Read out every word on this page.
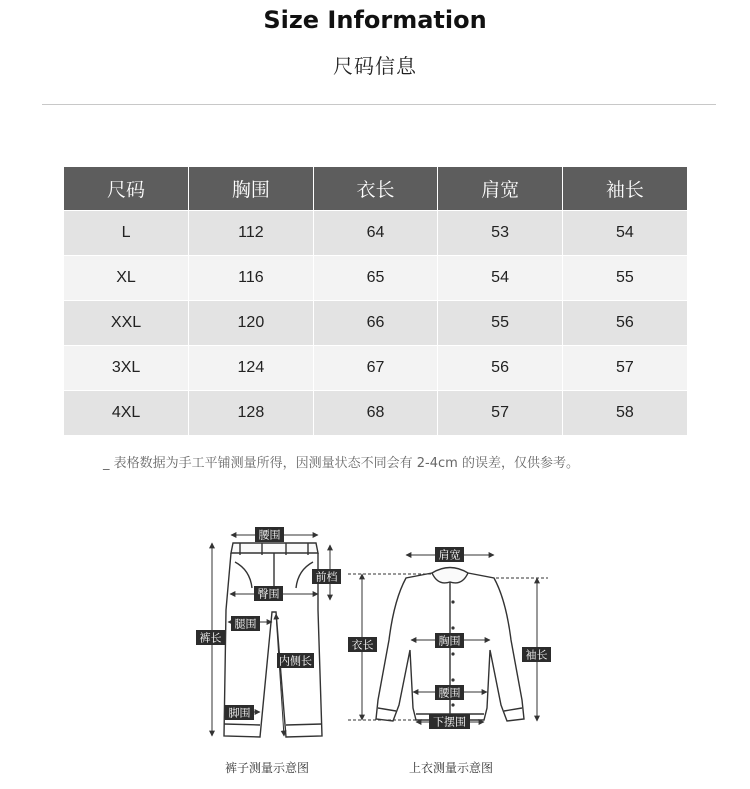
Size Information
尺码信息
尺码	胸围	衣长	肩宽	袖长
L	112	64	53	54
XL	116	65	54	55
XXL	120	66	55	56
3XL	124	67	56	57
4XL	128	68	57	58
_ 表格数据为手工平铺测量所得，因测量状态不同会有 2-4cm 的误差，仅供参考。
腰围
臀围
前档
腿围
裤长
内侧长
脚围
裤子测量示意图
肩宽
衣长	胸围
袖长
腰围
下摆围
上衣测量示意图
